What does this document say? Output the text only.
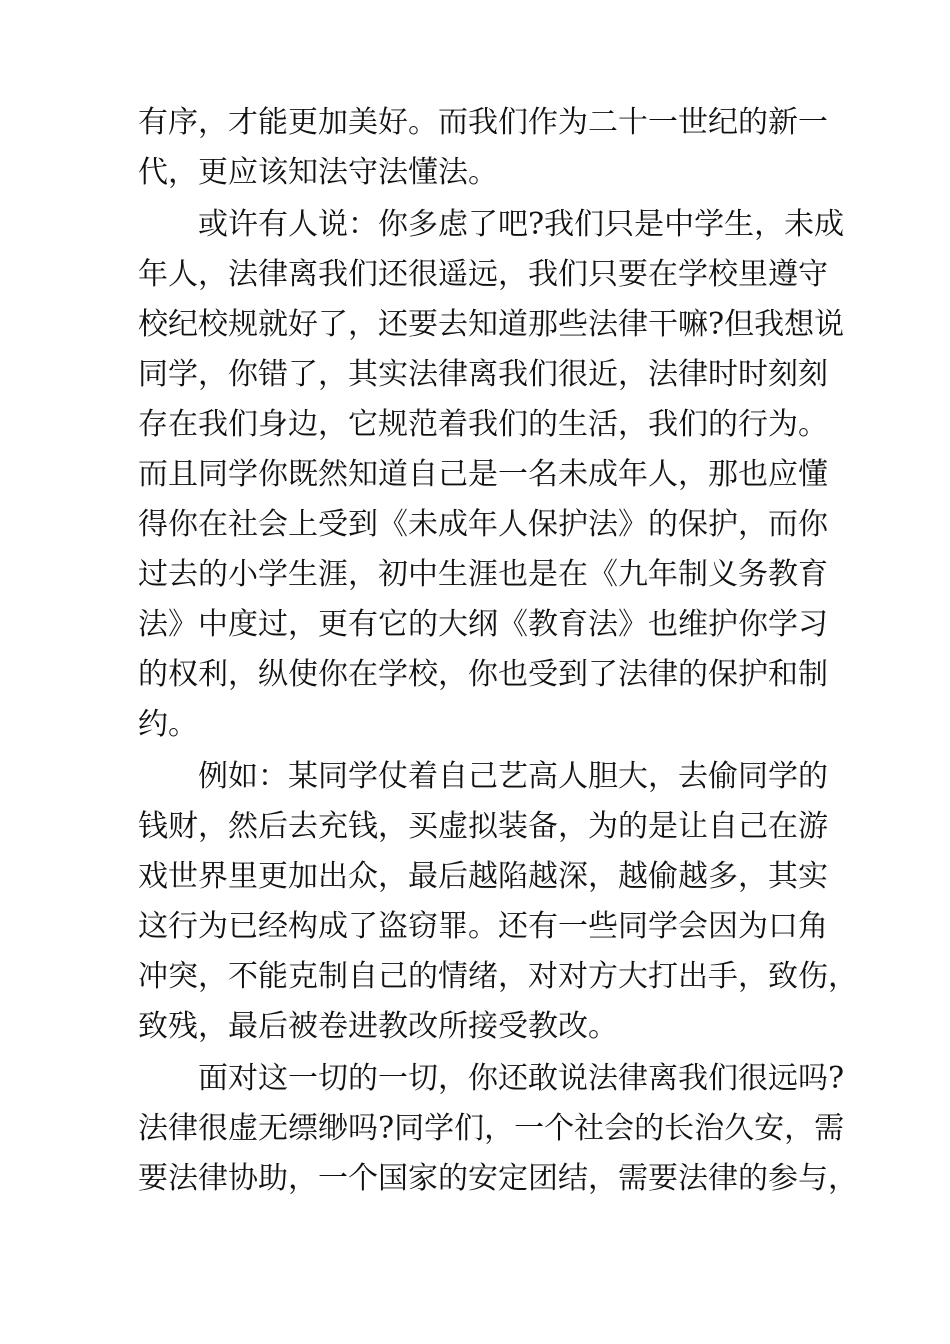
有序，才能更加美好。而我们作为二十一世纪的新一
代，更应该知法守法懂法。
或许有人说：你多虑了吧?我们只是中学生，未成
年人，法律离我们还很遥远，我们只要在学校里遵守
校纪校规就好了，还要去知道那些法律干嘛?但我想说
同学，你错了，其实法律离我们很近，法律时时刻刻
存在我们身边，它规范着我们的生活，我们的行为。
而且同学你既然知道自己是一名未成年人，那也应懂
得你在社会上受到《未成年人保护法》的保护，而你
过去的小学生涯，初中生涯也是在《九年制义务教育
法》中度过，更有它的大纲《教育法》也维护你学习
的权利，纵使你在学校，你也受到了法律的保护和制
约。
例如：某同学仗着自己艺高人胆大，去偷同学的
钱财，然后去充钱，买虚拟装备，为的是让自己在游
戏世界里更加出众，最后越陷越深，越偷越多，其实
这行为已经构成了盗窃罪。还有一些同学会因为口角
冲突，不能克制自己的情绪，对对方大打出手，致伤，
致残，最后被卷进教改所接受教改。
面对这一切的一切，你还敢说法律离我们很远吗?
法律很虚无缥缈吗?同学们，一个社会的长治久安，需
要法律协助，一个国家的安定团结，需要法律的参与，
